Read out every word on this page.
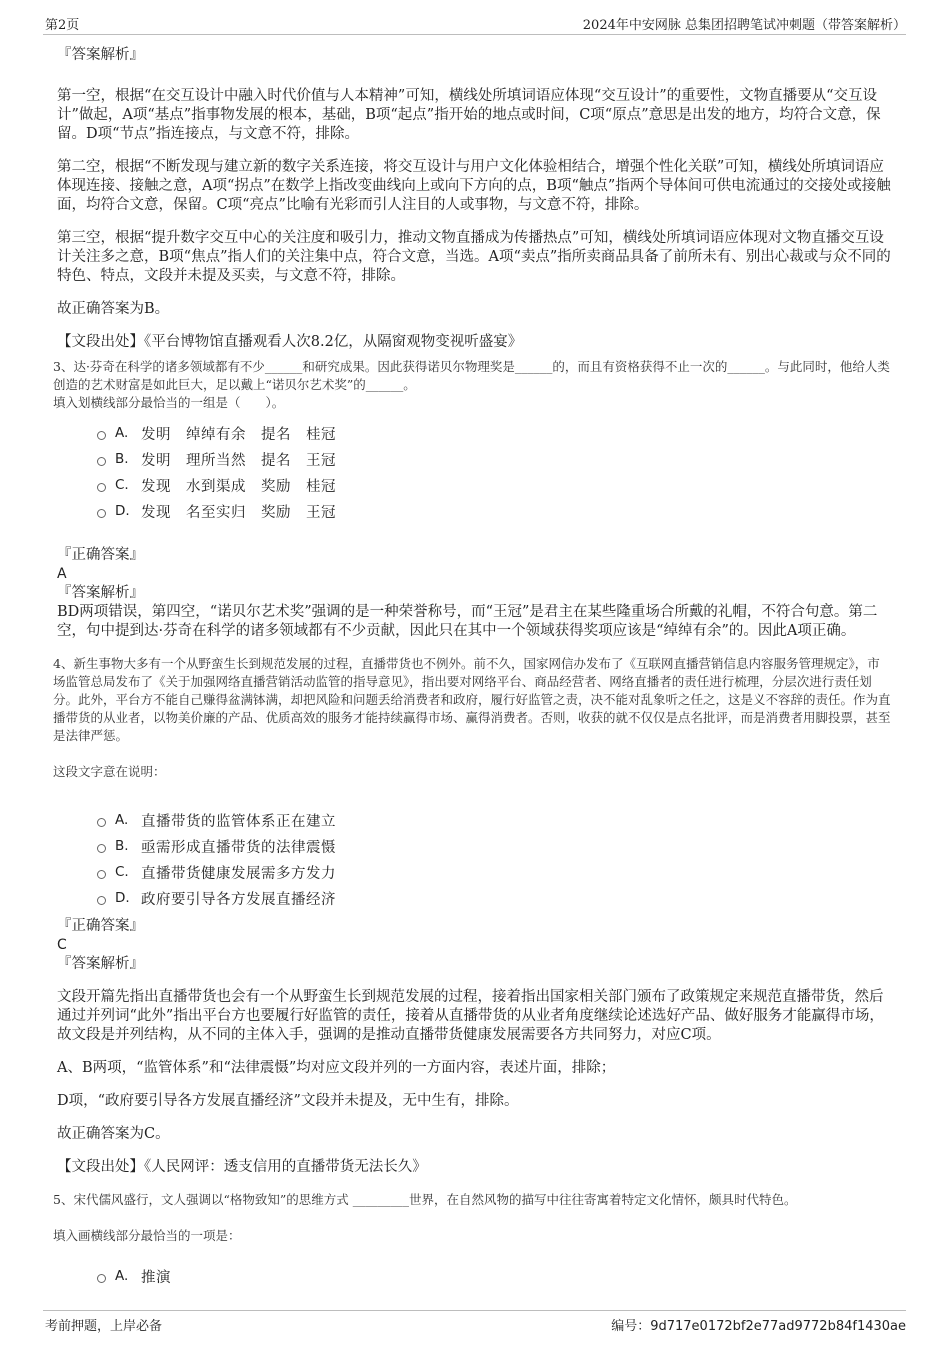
第2页	2024年中安网脉 总集团招聘笔试冲刺题（带答案解析）

『答案解析』

第一空，根据“在交互设计中融入时代价值与人本精神”可知，横线处所填词语应体现“交互设计”的重要性，文物直播要从“交互设计”做起，A项“基点”指事物发展的根本，基础，B项“起点”指开始的地点或时间，C项“原点”意思是出发的地方，均符合文意，保留。D项“节点”指连接点，与文意不符，排除。

第二空，根据“不断发现与建立新的数字关系连接，将交互设计与用户文化体验相结合，增强个性化关联”可知，横线处所填词语应体现连接、接触之意，A项“拐点”在数学上指改变曲线向上或向下方向的点，B项“触点”指两个导体间可供电流通过的交接处或接触面，均符合文意，保留。C项“亮点”比喻有光彩而引人注目的人或事物，与文意不符，排除。

第三空，根据“提升数字交互中心的关注度和吸引力，推动文物直播成为传播热点”可知，横线处所填词语应体现对文物直播交互设计关注多之意，B项“焦点”指人们的关注集中点，符合文意，当选。A项“卖点”指所卖商品具备了前所未有、别出心裁或与众不同的特色、特点，文段并未提及买卖，与文意不符，排除。

故正确答案为B。

【文段出处】《平台博物馆直播观看人次8.2亿，从隔窗观物变视听盛宴》

3、达·芬奇在科学的诸多领域都有不少______和研究成果。因此获得诺贝尔物理奖是______的，而且有资格获得不止一次的______。与此同时，他给人类创造的艺术财富是如此巨大，足以戴上“诺贝尔艺术奖”的______。

填入划横线部分最恰当的一组是（　　）。

A. 发明　绰绰有余　提名　桂冠
B. 发明　理所当然　提名　王冠
C. 发现　水到渠成　奖励　桂冠
D. 发现　名至实归　奖励　王冠

『正确答案』

A

『答案解析』

BD两项错误，第四空，“诺贝尔艺术奖”强调的是一种荣誉称号，而“王冠”是君主在某些隆重场合所戴的礼帽，不符合句意。第二空，句中提到达·芬奇在科学的诸多领域都有不少贡献，因此只在其中一个领域获得奖项应该是“绰绰有余”的。因此A项正确。

4、新生事物大多有一个从野蛮生长到规范发展的过程，直播带货也不例外。前不久，国家网信办发布了《互联网直播营销信息内容服务管理规定》，市场监管总局发布了《关于加强网络直播营销活动监管的指导意见》，指出要对网络平台、商品经营者、网络直播者的责任进行梳理，分层次进行责任划分。此外，平台方不能自己赚得盆满钵满，却把风险和问题丢给消费者和政府，履行好监管之责，决不能对乱象听之任之，这是义不容辞的责任。作为直播带货的从业者，以物美价廉的产品、优质高效的服务才能持续赢得市场、赢得消费者。否则，收获的就不仅仅是点名批评，而是消费者用脚投票，甚至是法律严惩。

这段文字意在说明：

A. 直播带货的监管体系正在建立
B. 亟需形成直播带货的法律震慑
C. 直播带货健康发展需多方发力
D. 政府要引导各方发展直播经济

『正确答案』

C

『答案解析』

文段开篇先指出直播带货也会有一个从野蛮生长到规范发展的过程，接着指出国家相关部门颁布了政策规定来规范直播带货，然后通过并列词“此外”指出平台方也要履行好监管的责任，接着从直播带货的从业者角度继续论述选好产品、做好服务才能赢得市场，故文段是并列结构，从不同的主体入手，强调的是推动直播带货健康发展需要各方共同努力，对应C项。

A、B两项，“监管体系”和“法律震慑”均对应文段并列的一方面内容，表述片面，排除；

D项，“政府要引导各方发展直播经济”文段并未提及，无中生有，排除。

故正确答案为C。

【文段出处】《人民网评：透支信用的直播带货无法长久》

5、宋代儒风盛行，文人强调以“格物致知”的思维方式 _________世界，在自然风物的描写中往往寄寓着特定文化情怀，颇具时代特色。

填入画横线部分最恰当的一项是：

A. 推演
考前押题，上岸必备	编号：9d717e0172bf2e77ad9772b84f1430ae
